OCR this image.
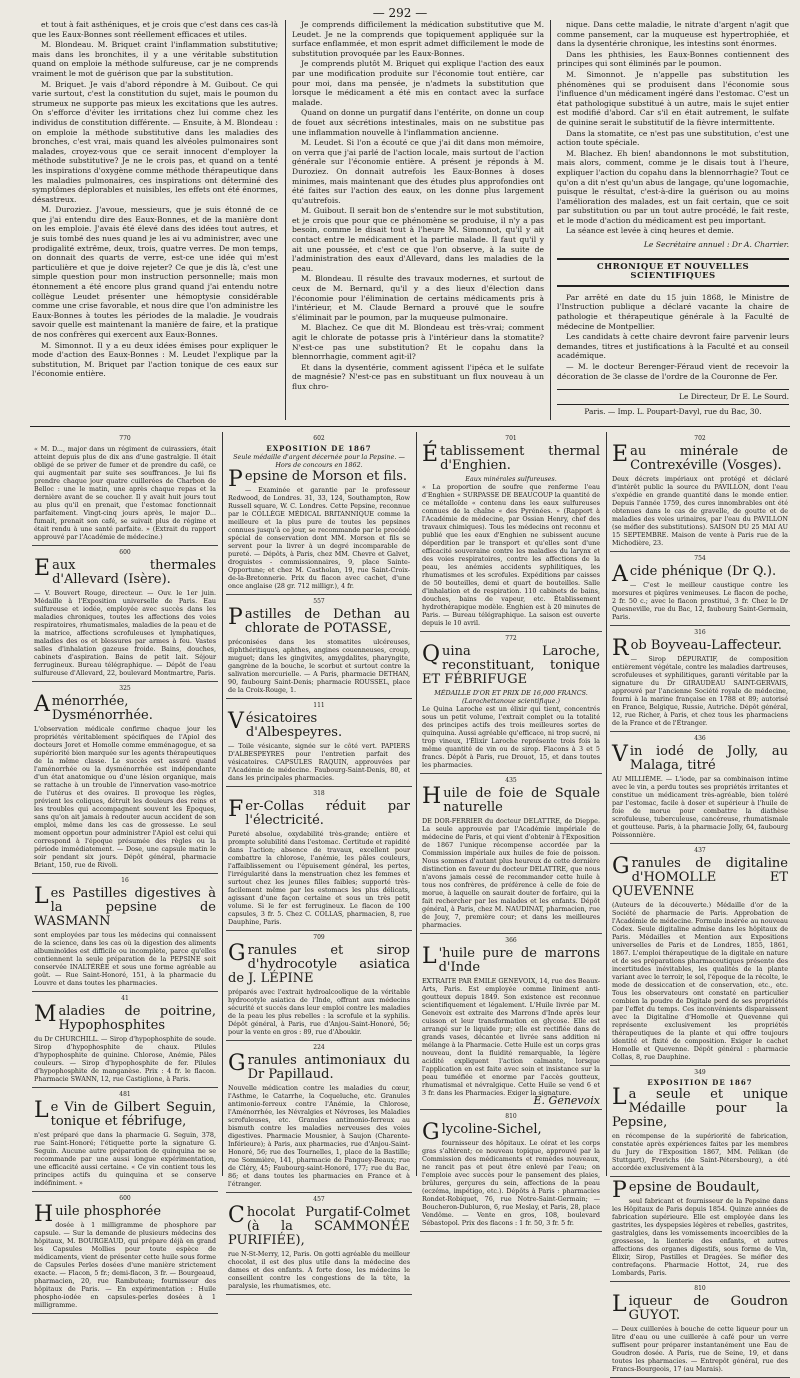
— 292 —

et tout à fait asthéniques, et je crois que c'est dans ces cas-là que les Eaux-Bonnes sont réellement efficaces et utiles.

M. Blondeau. M. Briquet craint l'inflammation substitutive; mais dans les bronchites, il y a une véritable substitution quand on emploie la méthode sulfureuse, car je ne comprends vraiment le mot de guérison que par la substitution.

M. Briquet. Je vais d'abord répondre à M. Guibout. Ce qui varie surtout, c'est la constitution du sujet, mais le poumon du strumeux ne supporte pas mieux les excitations que les autres. On s'efforce d'éviter les irritations chez lui comme chez les individus de constitution différente. — Ensuite, à M. Blondeau : on emploie la méthode substitutive dans les maladies des bronches, c'est vrai, mais quand les alvéoles pulmonaires sont malades, croyez-vous que ce serait innocent d'employer la méthode substitutive? Je ne le crois pas, et quand on a tenté les inspirations d'oxygène comme méthode thérapeutique dans les maladies pulmonaires, ces inspirations ont déterminé des symptômes déplorables et nuisibles, les effets ont été énormes, désastreux.

M. Duroziez. J'avoue, messieurs, que je suis étonné de ce que j'ai entendu dire des Eaux-Bonnes, et de la manière dont on les emploie. J'avais été élevé dans des idées tout autres, et je suis tombé des nues quand je les ai vu administrer, avec une prodigalité extrême, deux, trois, quatre verres. De mon temps, on donnait des quarts de verre, est-ce une idée qui m'est particulière et que je doive rejeter? Ce que je dis là, c'est une simple question pour mon instruction personnelle; mais mon étonnement a été encore plus grand quand j'ai entendu notre collègue Leudet présenter une hémoptysie considérable comme une crise favorable, et nous dire que l'on administre les Eaux-Bonnes à toutes les périodes de la maladie. Je voudrais savoir quelle est maintenant la manière de faire, et la pratique de nos confrères qui exercent aux Eaux-Bonnes.

M. Simonnot. Il y a eu deux idées émises pour expliquer le mode d'action des Eaux-Bonnes : M. Leudet l'explique par la substitution, M. Briquet par l'action tonique de ces eaux sur l'économie entière.

Je comprends difficilement la médication substitutive que M. Leudet. Je ne la comprends que topiquement appliquée sur la surface enflammée, et mon esprit admet difficilement le mode de substitution provoquée par les Eaux-Bonnes.

Je comprends plutôt M. Briquet qui explique l'action des eaux par une modification produite sur l'économie tout entière, car pour moi, dans ma pensée, je n'admets la substitution que lorsque le médicament a été mis en contact avec la surface malade.

Quand on donne un purgatif dans l'entérite, on donne un coup de fouet aux sécrétions intestinales, mais on ne substitue pas une inflammation nouvelle à l'inflammation ancienne.

M. Leudet. Si l'on a écouté ce que j'ai dit dans mon mémoire, on verra que j'ai parlé de l'action locale, mais surtout de l'action générale sur l'économie entière. A présent je réponds à M. Duroziez. On donnait autrefois les Eaux-Bonnes à doses minimes, mais maintenant que des études plus approfondies ont été faites sur l'action des eaux, on les donne plus largement qu'autrefois.

M. Guibout. Il serait bon de s'entendre sur le mot substitution, et je crois que pour que ce phénomène se produise, il n'y a pas besoin, comme le disait tout à l'heure M. Simonnot, qu'il y ait contact entre le médicament et la partie malade. Il faut qu'il y ait une poussée, et c'est ce que l'on observe, à la suite de l'administration des eaux d'Allevard, dans les maladies de la peau.

M. Blondeau. Il résulte des travaux modernes, et surtout de ceux de M. Bernard, qu'il y a des lieux d'élection dans l'économie pour l'élimination de certains médicaments pris à l'intérieur, et M. Claude Bernard a prouvé que le soufre s'éliminait par le poumon, par la muqueuse pulmonaire.

M. Blachez. Ce que dit M. Blondeau est très-vrai; comment agit le chlorate de potasse pris à l'intérieur dans la stomatite? N'est-ce pas une substitution? Et le copahu dans la blennorrhagie, comment agit-il?

Et dans la dysentérie, comment agissent l'ipéca et le sulfate de magnésie? N'est-ce pas en substituant un flux nouveau à un flux chro-

nique. Dans cette maladie, le nitrate d'argent n'agit que comme pansement, car la muqueuse est hypertrophiée, et dans la dysentérie chronique, les intestins sont énormes.

Dans les phthisies, les Eaux-Bonnes contiennent des principes qui sont éliminés par le poumon.

M. Simonnot. Je n'appelle pas substitution les phénomènes qui se produisent dans l'économie sous l'influence d'un médicament ingéré dans l'estomac. C'est un état pathologique substitué à un autre, mais le sujet entier est modifié d'abord. Car s'il en était autrement, le sulfate de quinine serait le substitutif de la fièvre intermittente.

Dans la stomatite, ce n'est pas une substitution, c'est une action toute spéciale.

M. Blachez. Eh bien! abandonnons le mot substitution, mais alors, comment, comme je le disais tout à l'heure, expliquer l'action du copahu dans la blennorrhagie? Tout ce qu'on a dit n'est qu'un abus de langage, qu'une logomachie, puisque le résultat, c'est-à-dire la guérison ou au moins l'amélioration des malades, est un fait certain, que ce soit par substitution ou par un tout autre procédé, le fait reste, et le mode d'action du médicament est peu important.

La séance est levée à cinq heures et demie.

Le Secrétaire annuel : Dr A. Charrier.
CHRONIQUE ET NOUVELLES SCIENTIFIQUES

Par arrêté en date du 15 juin 1868, le Ministre de l'Instruction publique a déclaré vacante la chaire de pathologie et thérapeutique générale à la Faculté de médecine de Montpellier.

Les candidats à cette chaire devront faire parvenir leurs demandes, titres et justifications à la Faculté et au conseil académique.

— M. le docteur Berenger-Féraud vient de recevoir la décoration de 3e classe de l'ordre de la Couronne de Fer.

Le Directeur, Dr E. Le Sourd.
Paris. — Imp. L. Poupart-Davyl, rue du Bac, 30.
770

« M. D..., major dans un régiment de cuirassiers, était atteint depuis plus de dix ans d'une gastralgie. Il était obligé de se priver de fumer et de prendre du café, ce qui augmentait par suite ses souffrances. Je lui fis prendre chaque jour quatre cuillerées de Charbon de Belloc : une le matin, une après chaque repas et la dernière avant de se coucher. Il y avait huit jours tout au plus qu'il en prenait, que l'estomac fonctionnait parfaitement. Vingt-cinq jours après, le major D... fumait, prenait son café, se suivait plus de régime et était rendu à une santé parfaite. » (Extrait du rapport approuvé par l'Académie de médecine.)

600
Eaux thermales d'Allevard (Isère).

— V. Bouvert Rouge, directeur. — Ouv. le 1er juin. Médaille à l'Exposition universelle de Paris. Eau sulfureuse et iodée, employée avec succès dans les maladies chroniques, toutes les affections des voies respiratoires, rhumatismales, maladies de la peau et de la matrice, affections scrofuleuses et lymphatiques, maladies des os et blessures par armes à feu. Vastes salles d'inhalation gazeuse froide. Bains, douches, cabinets d'aspiration. Bains de petit lait. Séjour ferrugineux. Bureau télégraphique. — Dépôt de l'eau sulfureuse d'Allevard, 22, boulevard Montmartre, Paris.

325
Aménorrhée, Dysménorrhée.

L'observation médicale confirme chaque jour les propriétés véritablement spécifiques de l'Apiol des docteurs Joret et Homolle comme emménagogue, et sa supériorité bien marquée sur les agents thérapeutiques de la même classe. Le succès est assuré quand l'aménorrhée ou la dysménorrhée est indépendante d'un état anatomique ou d'une lésion organique, mais se rattache à un trouble de l'innervation vaso-motrice de l'utérus et des ovaires. Il provoque les règles, prévient les coliques, détruit les douleurs des reins et les troubles qui accompagnent souvent les Époques, sans qu'on ait jamais à redouter aucun accident de son emploi, même dans les cas de grossesse. Le seul moment opportun pour administrer l'Apiol est celui qui correspond à l'époque présumée des règles ou la période immédiatement. — Dose, une capsule matin le soir pendant six jours. Dépôt général, pharmacie Briant, 150, rue de Rivoli.

16
Les Pastilles digestives à la pepsine de WASMANN

sont employées par tous les médecins qui connaissent de la science, dans les cas où la digestion des aliments albuminoïdes est difficile ou incomplète, parce qu'elles contiennent la seule préparation de la PEPSINE soit conservée INALTÉRÉE et sous une forme agréable au goût. — Rue Saint-Honoré, 151, à la pharmacie du Louvre et dans toutes les pharmacies.

41
Maladies de poitrine, Hypophosphites

du Dr CHURCHILL. — Sirop d'hypophosphite de soude. Sirop d'hypophosphite de chaux. Pilules d'hypophosphite de quinine. Chlorose, Anémie, Pâles couleurs. — Sirop d'hypophosphite de fer. Pilules d'hypophosphite de manganèse. Prix : 4 fr. le flacon. Pharmacie SWANN, 12, rue Castiglione, à Paris.

481
Le Vin de Gilbert Seguin, tonique et fébrifuge,

n'est préparé que dans la pharmacie G. Seguin, 378, rue Saint-Honoré; l'étiquette porte la signature G. Seguin. Aucune autre préparation de quinquina ne se recommande par une aussi longue expérimentation, une efficacité aussi certaine. « Ce vin contient tous les principes actifs du quinquina et se conserve indéfiniment. »

600
Huile phosphorée

dosée à 1 milligramme de phosphore par capsule. — Sur la demande de plusieurs médecins des hôpitaux, M. BOURGEAUD, qui prépare déjà en grand les Capsules Mollies pour toute espèce de médicaments, vient de présenter cette huile sous forme de Capsules Perles dosées d'une manière strictement exacte. — Flacon, 5 fr.; demi-flacon, 3 fr. — Bourgeaud, pharmacien, 20, rue Rambuteau; fournisseur des hôpitaux de Paris. — En expérimentation : Huile phospho-iodée en capsules-perles dosées à 1 milligramme.

602
EXPOSITION DE 1867
Seule médaille d'argent décernée pour la Pepsine. — Hors de concours en 1862.
Pepsine de Morson et fils.

— Examinée et garantie par le professeur Redwood, de Londres. 31, 33, 124, Southampton, Row Russell square, W. C. Londres. Cette Pepsine, reconnue par le COLLÈGE MÉDICAL BRITANNIQUE comme la meilleure et la plus pure de toutes les pepsines connues jusqu'à ce jour, se recommande par le procédé spécial de conservation dont MM. Morson et fils se servent pour la livrer à un degré incomparable de pureté. — Dépôts, à Paris, chez MM. Chevre et Galvet, droguistes - commissionnaires, 9, place Sainte-Opportune; et chez M. Castholan, 19, rue Saint-Croix-de-la-Bretonnerie. Prix du flacon avec cachet, d'une once anglaise (28 gr. 712 milligr.), 4 fr.

557
Pastilles de Dethan au chlorate de POTASSE,

préconisées dans les stomatites ulcéreuses, diphthéritiques, aphthes, angines couenneuses, croup, muguet; dans les gingivites, amygdalites, pharyngite, gangrène de la bouche, le scorbut et surtout contre la salivation mercurielle. — A Paris, pharmacie DETHAN, 90, faubourg Saint-Denis; pharmacie ROUSSEL, place de la Croix-Rouge, 1.

111
Vésicatoires d'Albespeyres.

— Toile vésicante, signée sur le côté vert. PAPIERS D'ALBESPEYRES pour l'entretien parfait des vésicatoires. CAPSULES RAQUIN, approuvées par l'Académie de médecine. Faubourg-Saint-Denis, 80, et dans les principales pharmacies.

318
Fer-Collas réduit par l'électricité.

Pureté absolue, oxydabilité très-grande; entière et prompte solubilité dans l'estomac. Certitude et rapidité dans l'action; absence de travaux, excellent pour combattre la chlorose, l'anémie, les pâles couleurs, l'affaiblissement ou l'épuisement général, les pertes, l'irrégularité dans la menstruation chez les femmes et surtout chez les jeunes filles faibles; supporté très-facilement même par les estomacs les plus délicats, agissant d'une façon certaine et sous un très petit volume. Si le fer est ferrugineux. Le flacon de 100 capsules, 3 fr. 5. Chez C. COLLAS, pharmacien, 8, rue Dauphine, Paris.

709
Granules et sirop d'hydrocotyle asiatica de J. LÉPINE

préparés avec l'extrait hydroalcoolique de la véritable hydrocotyle asiatica de l'Inde, offrant aux médecins sécurité et succès dans leur emploi contre les maladies de la peau les plus rebelles : la scrofule et la syphilis. Dépôt général, à Paris, rue d'Anjou-Saint-Honoré, 56; pour la vente en gros : 89, rue d'Aboukir.

224
Granules antimoniaux du Dr Papillaud.

Nouvelle médication contre les maladies du cœur, l'Asthme, le Catarrhe, la Coqueluche, etc. Granules antimonio-ferreux contre l'Anémie, la Chlorose, l'Aménorrhée, les Névralgies et Névroses, les Maladies scrofuleuses, etc. Granules antimonio-ferreux au bismuth contre les maladies nerveuses des voies digestives. Pharmacie Mousnier, à Saujon (Charente-Inférieure); à Paris, aux pharmacies, rue d'Anjou-Saint-Honoré, 56; rue des Tournelles, 1, place de la Bastille; rue Sommière, 141, pharmacie de Panguey-Beaux; rue de Cléry, 45; Faubourg-saint-Honoré, 177; rue du Bac, 86; et dans toutes les pharmacies en France et à l'étranger.

457
Chocolat Purgatif-Colmet (à la SCAMMONÉE PURIFIÉE),

rue N-St-Merry, 12, Paris. On gotti agréable du meilleur chocolat, il est des plus utile dans la médecine des dames et des enfants. A forte dose, les médecins le conseillent contre les congestions de la tête, la paralysie, les rhumatismes, etc.

701
Établissement thermal d'Enghien.
Eaux minérales sulfureuses.

« La proportion de soufre que renferme l'eau d'Enghien « SURPASSE DE BEAUCOUP la quantité de ce métalloïde « contenu dans les eaux sulfureuses connues de la chaîne « des Pyrénées. » (Rapport à l'Académie de médecine, par Ossian Henry, chef des travaux chimiques). Tous les médecins ont reconnu et publié que les eaux d'Enghien ne subissent aucune déperdition par le transport et qu'elles sont d'une efficacité souveraine contre les maladies du larynx et des voies respiratoires, contre les affections de la peau, les anémies accidents syphilitiques, les rhumatismes et les scrofules. Expéditions par caisses de 50 bouteilles, demi et quart de bouteilles. Salle d'inhalation et de respiration. 110 cabinets de bains, douches, bains de vapeur, etc. Établissement hydrothérapique modèle. Enghien est à 20 minutes de Paris. — Bureau télégraphique. La saison est ouverte depuis le 10 avril.

772
Quina Laroche, reconstituant, tonique ET FÉBRIFUGE
MÉDAILLE D'OR ET PRIX DE 16,000 FRANCS. (Larochettanoue scientifique.)

Le Quina Laroche est un élixir qui tient, concentrés sous un petit volume, l'extrait complet ou la totalité des principes actifs des trois meilleures sortes de quinquina. Aussi agréable qu'efficace, ni trop sucré, ni trop vineux, l'Élixir Laroche représente trois fois la même quantité de vin ou de sirop. Flacons à 3 et 5 francs. Dépôt à Paris, rue Drouot, 15, et dans toutes les pharmacies.

435
Huile de foie de Squale naturelle

DE DOR-FERRIER du docteur DELATTRE, de Dieppe. La seule approuvée par l'Académie impériale de médecine de Paris, et qui vient d'obtenir à l'Exposition de 1867 l'unique récompense accordée par la Commission impériale aux huiles de foie de poisson. Nous sommes d'autant plus heureux de cette dernière distinction en faveur du docteur DELATTRE, que nous n'avons jamais cessé de recommander cette huile à tous nos confrères, de préférence à celle de foie de morue, à laquelle on saurait douter de forfaire, qui la fait rechercher par les malades et les enfants. Dépôt général, à Paris, chez M. NAUDINAT, pharmacien, rue de Jouy, 7, première cour; et dans les meilleures pharmacies.

366
L 'huile pure de marrons d'Inde

EXTRAITE PAR ÉMILE GENEVOIX, 14, rue des Beaux-Arts, Paris. Est employée comme liniment anti-goutteux depuis 1849. Son existence est reconnue scientifiquement et légalement. L'Huile livrée par M. Genevoix est extraite des Marrons d'Inde après leur cuisson et leur transformation en glycose. Elle est arrangé sur le liquide pur; elle est rectifiée dans de grands vases, décantée et livrée sans addition ni mélange à la Pharmacie. Cette Huile est un corps gras nouveau, dont la fluidité remarquable, la légère acidité expliquent l'action calmante, lorsque l'application en est faite avec soin et insistance sur la peau tuméfiée et enorme par l'accès goutteux, rhumatismal et névralgique. Cette Huile se vend 6 et 3 fr. dans les Pharmacies. Exiger la signature.

E. Genevoix
810
Glycoline-Sichel,

fournisseur des hôpitaux. Le cérat et les corps gras s'altèrent; ce nouveau topique, approuvé par la Commission des médicaments et remèdes nouveaux, ne rancit pas et peut être enlevé par l'eau; on l'emploie avec succès pour le pansement des plaies, brûlures, gerçures du sein, affections de la peau (eczéma, impétigo, etc.). Dépôts à Paris : pharmacies Rondet-Robiquet, 76, rue Notre-Saint-Germain; — Boucheron-Dubluron, 6, rue Meslay, et Paris, 28, place Vendôme. — Vente en gros, 108, boulevard Sébastopol. Prix des flacons : 1 fr. 50, 3 fr. 5 fr.

702
Eau minérale de Contrexéville (Vosges).

Deux décrets impériaux ont protégé et déclaré d'intérêt public la source du PAVILLON, dont l'eau s'expédie en grande quantité dans le monde entier. Depuis l'année 1759, des cures innombrables ont été obtenues dans le cas de gravelle, de goutte et de maladies des voies urinaires, par l'eau du PAVILLON (se méfier des substitutions). SAISON DU 25 MAI AU 15 SEPTEMBRE. Maison de vente à Paris rue de la Michodière, 23.

754
Acide phénique (Dr Q.).

— C'est le meilleur caustique contre les morsures et piqûres venimeuses. Le flacon de poche, 2 fr. 50 c.; avec le flacon prostitué, 3 fr. Chez le Dr Quesneville, rue du Bac, 12, faubourg Saint-Germain, Paris.

316
Rob Boyveau-Laffecteur.

— Sirop DÉPURATIF, de composition entièrement végétale, contre les maladies dartreuses, scrofuleuses et syphilitiques, garanti véritable par la signature du Dr GIRAUDEAU SAINT-GERVAIS, approuvé par l'ancienne Société royale de médecine, fourni à la marine française en 1788 et 89; autorisé en France, Belgique, Russie, Autriche. Dépôt général, 12, rue Richer, à Paris, et chez tous les pharmaciens de la France et de l'Étranger.

436
Vin iodé de Jolly, au Malaga, titré

AU MILLIÈME. — L'iode, par sa combinaison intime avec le vin, a perdu toutes ses propriétés irritantes et constitue un médicament très-agréable, bien toléré par l'estomac, facile à doser et supérieur à l'huile de foie de morue pour combattre la diathèse scrofuleuse, tuberculeuse, cancéreuse, rhumatismale et goutteuse. Paris, à la pharmacie Jolly, 64, faubourg Poissonnière.

437
Granules de digitaline d'HOMOLLE ET QUEVENNE

(Auteurs de la découverte.) Médaille d'or de la Société de pharmacie de Paris. Approbation de l'Académie de médecine. Formule insérée au nouveau Codex. Seule digitaline admise dans les hôpitaux de Paris. Médailles et Mention aux Expositions universelles de Paris et de Londres, 1855, 1861, 1867. L'emploi thérapeutique de la digitale en nature et de ses préparations pharmaceutiques présente des incertitudes inévitables, les qualités de la plante variant avec le terroir, le sol, l'époque de la récolte, le mode de dessiccation et de conservation, etc., etc. Tous les observateurs ont constaté en particulier combien la poudre de Digitale perd de ses propriétés par l'effet du temps. Ces inconvénients disparaissent avec la Digitaline d'Homolle et Quevenne qui représente exclusivement les propriétés thérapeutiques de la plante et qui offre toujours identité et fixité de composition. Exiger le cachet Homolle et Quevenne. Dépôt général : pharmacie Collas, 8, rue Dauphine.

349
EXPOSITION DE 1867
La seule et unique Médaille pour la Pepsine,

en récompense de la supériorité de fabrication, constatée après expériences faites par les membres du Jury de l'Exposition 1867, MM. Pelikan (de Stuttgart), Frerichs (de Saint-Pétersbourg), a été accordée exclusivement à la

Pepsine de Boudault,

seul fabricant et fournisseur de la Pepsine dans les Hôpitaux de Paris depuis 1854. Quinze années de fabrication supérieure. Elle est employée dans les gastrites, les dyspepsies légères et rebelles, gastrites, gastralgies, dans les vomissements incoercibles de la grossesse, la lienterie des enfants, et autres affections des organes digestifs, sous forme de Vin, Élixir, Sirop, Pastilles et Dragées. Se méfier des contrefaçons. Pharmacie Hottot, 24, rue des Lombards, Paris.

810
Liqueur de Goudron GUYOT.

— Deux cuillerées à bouche de cette liqueur pour un litre d'eau ou une cuillerée à café pour un verre suffisent pour préparer instantanément une Eau de Goudron dosée. A Paris, rue de Seine, 19, et dans toutes les pharmacies. — Entrepôt général, rue des Francs-Bourgeois, 17 (au Marais).
